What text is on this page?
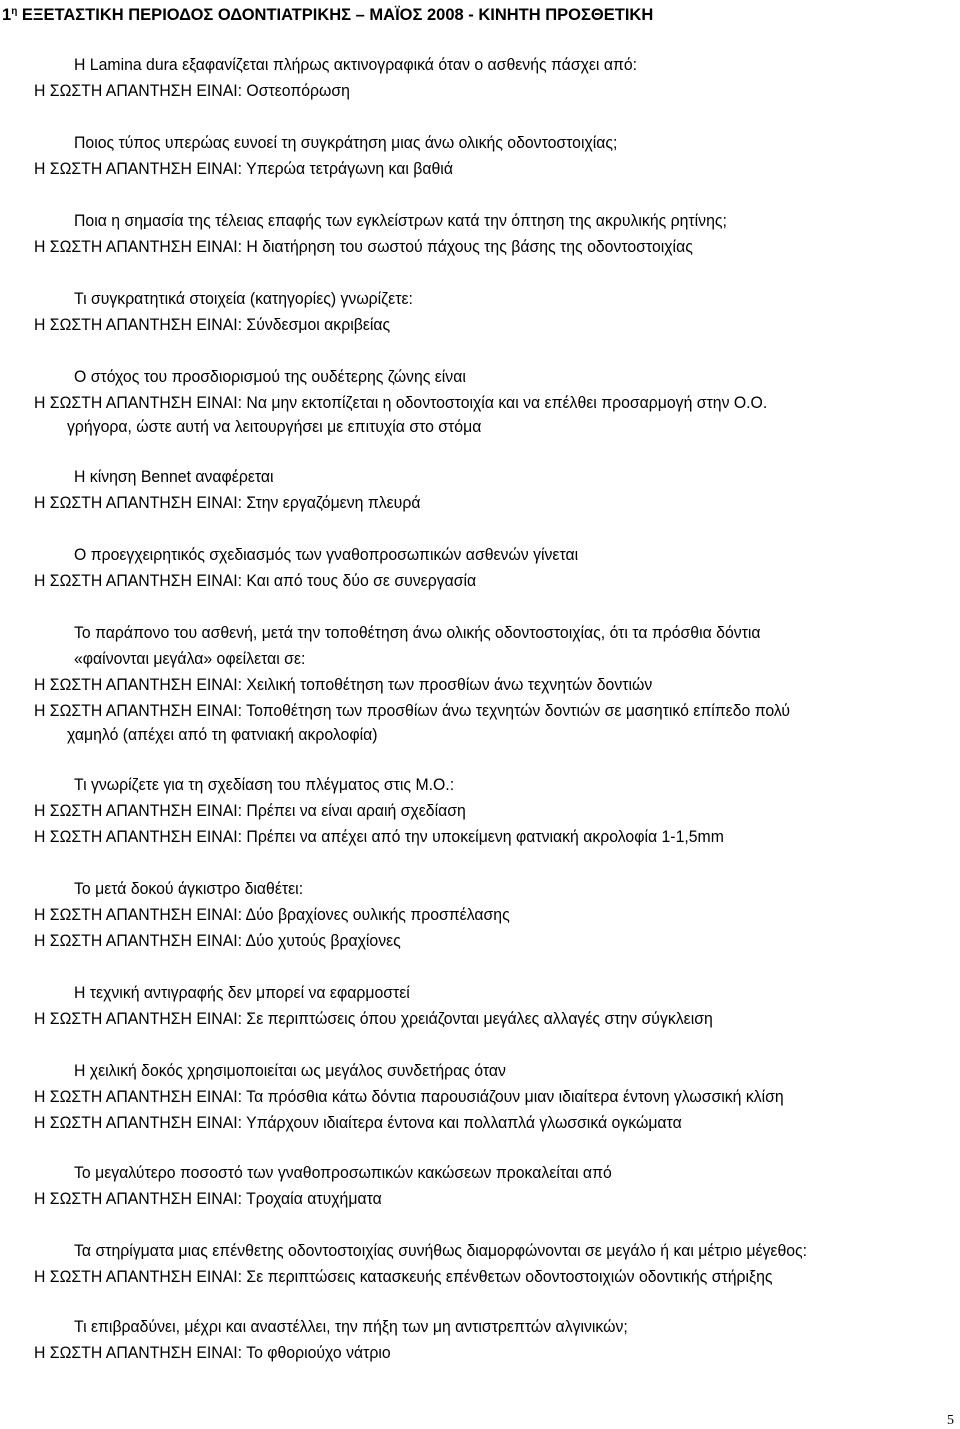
$1^\eta$ ΕΞΕΤΑΣΤΙΚΗ ΠΕΡΙΟΔΟΣ ΟΔΟΝΤΙΑΤΡΙΚΗΣ – ΜΑΪΟΣ 2008 - ΚΙΝΗΤΗ ΠΡΟΣΘΕΤΙΚΗ
Η Lamina dura εξαφανίζεται πλήρως ακτινογραφικά όταν ο ασθενής πάσχει από:
Η ΣΩΣΤΗ ΑΠΑΝΤΗΣΗ ΕΙΝΑΙ: Οστεοπόρωση
Ποιος τύπος υπερώας ευνοεί τη συγκράτηση μιας άνω ολικής οδοντοστοιχίας;
Η ΣΩΣΤΗ ΑΠΑΝΤΗΣΗ ΕΙΝΑΙ: Υπερώα τετράγωνη και βαθιά
Ποια η σημασία της τέλειας επαφής των εγκλείστρων κατά την όπτηση της ακρυλικής ρητίνης;
Η ΣΩΣΤΗ ΑΠΑΝΤΗΣΗ ΕΙΝΑΙ: Η διατήρηση του σωστού πάχους της βάσης της οδοντοστοιχίας
Τι συγκρατητικά στοιχεία (κατηγορίες) γνωρίζετε:
Η ΣΩΣΤΗ ΑΠΑΝΤΗΣΗ ΕΙΝΑΙ: Σύνδεσμοι ακριβείας
Ο στόχος του προσδιορισμού της ουδέτερης ζώνης είναι
Η ΣΩΣΤΗ ΑΠΑΝΤΗΣΗ ΕΙΝΑΙ: Να μην εκτοπίζεται η οδοντοστοιχία και να επέλθει προσαρμογή στην Ο.Ο.
γρήγορα, ώστε αυτή να λειτουργήσει με επιτυχία στο στόμα
Η κίνηση Bennet αναφέρεται
Η ΣΩΣΤΗ ΑΠΑΝΤΗΣΗ ΕΙΝΑΙ: Στην εργαζόμενη πλευρά
Ο προεγχειρητικός σχεδιασμός των γναθοπροσωπικών ασθενών γίνεται
Η ΣΩΣΤΗ ΑΠΑΝΤΗΣΗ ΕΙΝΑΙ: Και από τους δύο σε συνεργασία
Το παράπονο του ασθενή, μετά την τοποθέτηση άνω ολικής οδοντοστοιχίας, ότι τα πρόσθια δόντια
«φαίνονται μεγάλα» οφείλεται σε:
Η ΣΩΣΤΗ ΑΠΑΝΤΗΣΗ ΕΙΝΑΙ: Χειλική τοποθέτηση των προσθίων άνω τεχνητών δοντιών
Η ΣΩΣΤΗ ΑΠΑΝΤΗΣΗ ΕΙΝΑΙ: Τοποθέτηση των προσθίων άνω τεχνητών δοντιών σε μασητικό επίπεδο πολύ
χαμηλό (απέχει από τη φατνιακή ακρολοφία)
Τι γνωρίζετε για τη σχεδίαση του πλέγματος στις Μ.Ο.:
Η ΣΩΣΤΗ ΑΠΑΝΤΗΣΗ ΕΙΝΑΙ: Πρέπει να είναι αραιή σχεδίαση
Η ΣΩΣΤΗ ΑΠΑΝΤΗΣΗ ΕΙΝΑΙ: Πρέπει να απέχει από την υποκείμενη φατνιακή ακρολοφία 1-1,5mm
Το μετά δοκού άγκιστρο διαθέτει:
Η ΣΩΣΤΗ ΑΠΑΝΤΗΣΗ ΕΙΝΑΙ: Δύο βραχίονες ουλικής προσπέλασης
Η ΣΩΣΤΗ ΑΠΑΝΤΗΣΗ ΕΙΝΑΙ: Δύο χυτούς βραχίονες
Η τεχνική αντιγραφής δεν μπορεί να εφαρμοστεί
Η ΣΩΣΤΗ ΑΠΑΝΤΗΣΗ ΕΙΝΑΙ: Σε περιπτώσεις όπου χρειάζονται μεγάλες αλλαγές στην σύγκλειση
Η χειλική δοκός χρησιμοποιείται ως μεγάλος συνδετήρας όταν
Η ΣΩΣΤΗ ΑΠΑΝΤΗΣΗ ΕΙΝΑΙ: Τα πρόσθια κάτω δόντια παρουσιάζουν μιαν ιδιαίτερα έντονη γλωσσική κλίση
Η ΣΩΣΤΗ ΑΠΑΝΤΗΣΗ ΕΙΝΑΙ: Υπάρχουν ιδιαίτερα έντονα και πολλαπλά γλωσσικά ογκώματα
Το μεγαλύτερο ποσοστό των γναθοπροσωπικών κακώσεων προκαλείται από
Η ΣΩΣΤΗ ΑΠΑΝΤΗΣΗ ΕΙΝΑΙ: Τροχαία ατυχήματα
Τα στηρίγματα μιας επένθετης οδοντοστοιχίας συνήθως διαμορφώνονται σε μεγάλο ή και μέτριο μέγεθος:
Η ΣΩΣΤΗ ΑΠΑΝΤΗΣΗ ΕΙΝΑΙ: Σε περιπτώσεις κατασκευής επένθετων οδοντοστοιχιών οδοντικής στήριξης
Τι επιβραδύνει, μέχρι και αναστέλλει, την πήξη των μη αντιστρεπτών αλγινικών;
Η ΣΩΣΤΗ ΑΠΑΝΤΗΣΗ ΕΙΝΑΙ: Το φθοριούχο νάτριο
5
